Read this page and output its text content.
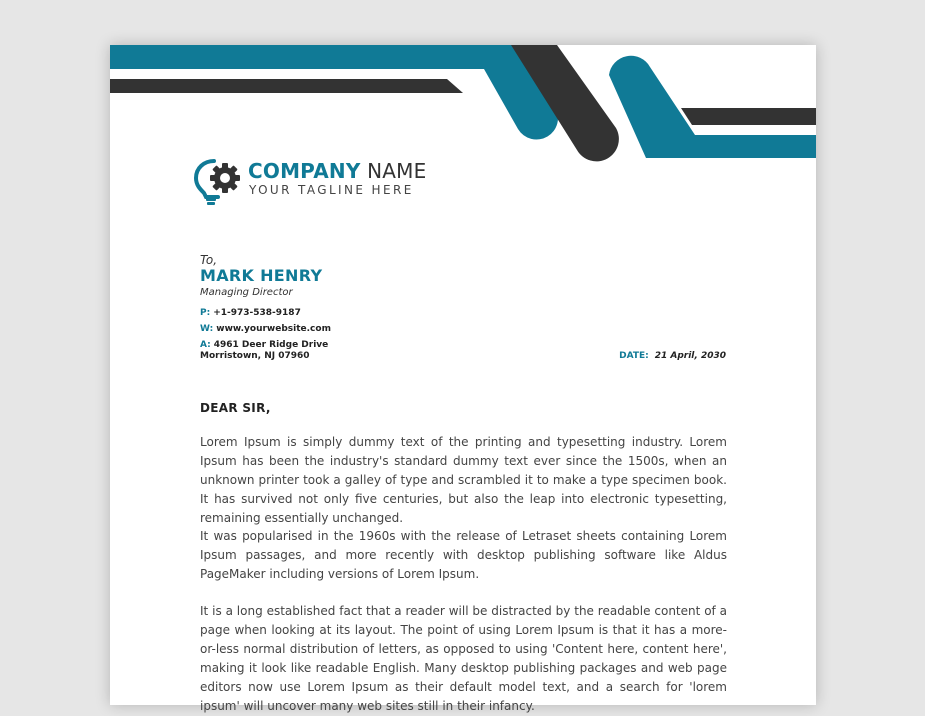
COMPANY NAME

YOUR TAGLINE HERE

To,
MARK HENRY
Managing Director
P: +1-973-538-9187
W: www.yourwebsite.com
A: 4961 Deer Ridge Drive
Morristown, NJ 07960	DATE: 21 April, 2030
DEAR SIR,

Lorem Ipsum is simply dummy text of the printing and typesetting industry. Lorem Ipsum has been the industry's standard dummy text ever since the 1500s, when an unknown printer took a galley of type and scrambled it to make a type specimen book. It has survived not only five centuries, but also the leap into electronic typesetting, remaining essentially unchanged.

It was popularised in the 1960s with the release of Letraset sheets containing Lorem Ipsum passages, and more recently with desktop publishing software like Aldus PageMaker including versions of Lorem Ipsum.

It is a long established fact that a reader will be distracted by the readable content of a page when looking at its layout. The point of using Lorem Ipsum is that it has a more-or-less normal distribution of letters, as opposed to using 'Content here, content here', making it look like readable English. Many desktop publishing packages and web page editors now use Lorem Ipsum as their default model text, and a search for 'lorem ipsum' will uncover many web sites still in their infancy.
